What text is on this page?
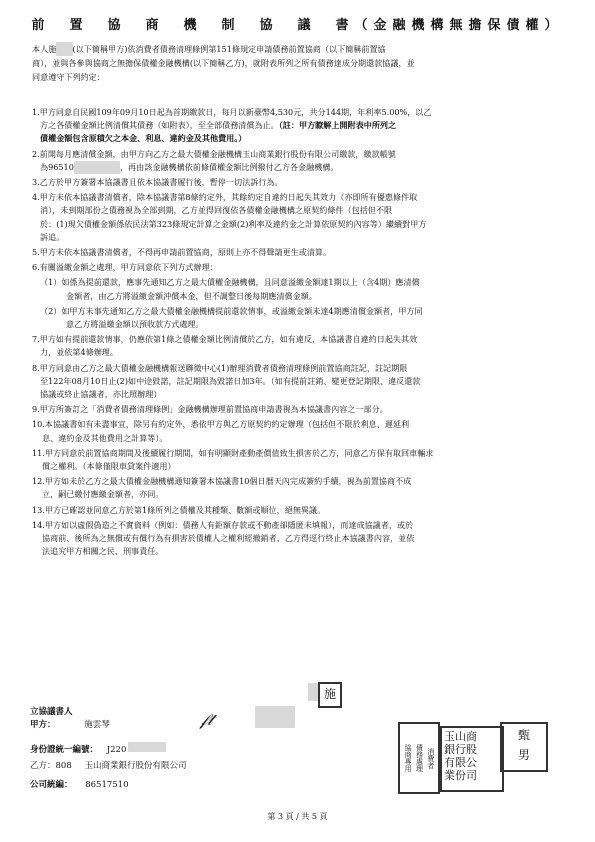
前　置　協　商　機　制　協　議　書（金融機構無擔保債權）
本人施 (以下簡稱甲方)依消費者債務清理條例第151條規定申請債務前置協商（以下簡稱前置協
商），並與各參與協商之無擔保債權金融機構(以下簡稱乙方)，就附表所列之所有債務達成分期還款協議，並
同意遵守下列約定：
1.甲方同意自民國109年09月10日起為首期繳款日，每月以新臺幣4,530元，共分144期，年利率5.00%，以乙
方之各債權金額比例清償其債務（如附表），至全部債務清償為止。（註：甲方瞭解上開附表中所列之
債權金額包含原積欠之本金、利息、違約金及其他費用。）
2.前開每月應清償金額，由甲方向乙方之最大債權金融機構玉山商業銀行股份有限公司繳款，繳款帳號
為96510	，再由該金融機構依前條債權金額比例撥付乙方各金融機構。
3.乙方於甲方簽署本協議書且依本協議書履行後，暫停一切法訴行為。
4.甲方未依本協議書清償者，除本協議書第8條約定外，其餘約定自違約日起失其效力（亦即所有優惠條件取
消），未到期部份之債務視為全部到期，乙方並得回復依各債權金融機構之原契約條件（包括但不限
於：(1)現欠債權金額係依民法第323條規定計算之金額(2)利率及違約金之計算依原契約內容等）繼續對甲方
訴追。
5.甲方未依本協議書清償者，不得再申請前置協商，原則上亦不得聲請更生或清算。
6.有關溢繳金額之處理，甲方同意依下列方式辦理：
（1）如係為提前還款，應事先通知乙方之最大債權金融機構，且同意溢繳金額達1期以上（含4期）應清償
金額者，由乙方將溢繳金額沖償本金，但不調整日後每期應清償金額。
（2）如甲方未事先通知乙方之最大債權金融機構提前還款情事，或溢繳金額未達4期應清償金額者，甲方同
意乙方將溢繳金額以預收款方式處理。
7.甲方如有提前還款情事，仍應依第1條之債權金額比例清償於乙方，如有違反，本協議書自違約日起失其效
力，並依第4條辦理。
8.甲方同意由乙方之最大債權金融機構報送聯徵中心(1)辦理消費者債務清理條例前置協商註記，註記期限
至122年08月10日止(2)如中途毀諾，註記期限為毀諾日加3年。（如有提前註銷、變更登記期限、違反還款
協議或終止協議者，亦比照辦理）
9.甲方所簽訂之「消費者債務清理條例」金融機構辦理前置協商申請書視為本協議書內容之一部分。
10.本協議書如有未盡事宜，除另有約定外，悉依甲方與乙方原契約約定辦理（包括但不限於利息、遲延利
息、違約金及其他費用之計算等）。
11.甲方同意於前置協商期間及後續履行期間，如有明顯財產動產價值致生損害於乙方，同意乙方保有取回車輛求
償之權利。（本條僅限車貸案件適用）
12.甲方如未於乙方之最大債權金融機構通知簽署本協議書10個日曆天內完成簽約手續，視為前置協商不成
立，嗣已繳付應繳金額者，亦同。
13.甲方已確認並同意乙方於第1條所列之債權及其種類、數額或順位，絕無異議。
14.甲方如以虛假偽造之不實資料（例如：債務人有鉅額存款或不動產卻隱匿未填報），而達成協議者，或於
協商前、後所為之無償或有償行為有損害於債權人之權利經撤銷者，乙方得逕行終止本協議書內容，並依
法追究甲方相關之民、刑事責任。
立協議書人
甲方：	施雲琴	𝒻𝓉
施
身份證統一編號： J220
乙方：808 玉山商業銀行股份有限公司
公司統編： 86517510
消費者
債務處理
協商專用
玉山商
銀行股
有限公
業份司
甄
男
第 3 頁 / 共 5 頁
